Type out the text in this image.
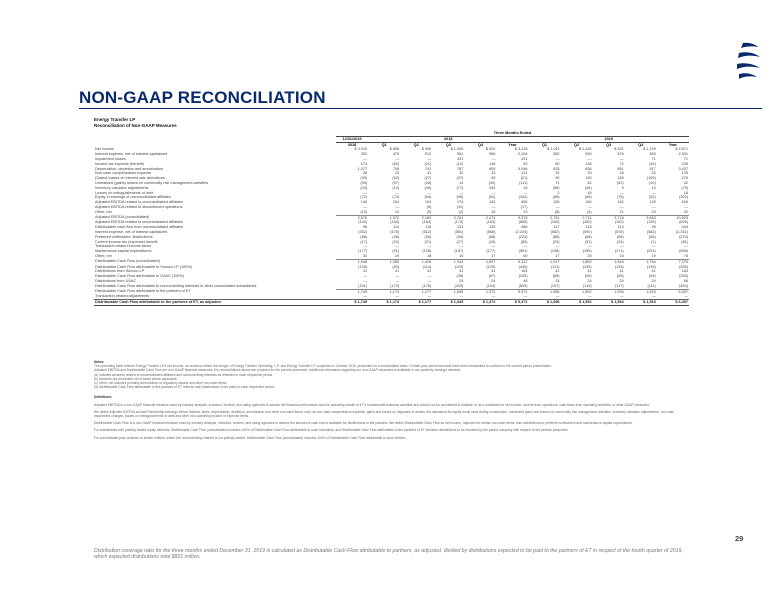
NON-GAAP RECONCILIATION
Energy Transfer LP
Reconciliation of Non-GAAP Measures
	Three Months Ended										
	12/31/2019	2018					2019				
	2018	Q1	Q2	Q3	Q4	Year	Q1	Q2	Q3	Q4	Year
Net income	$ 4,015	$ 856	$ 936	$ 1,006	$ 620	$ 3,418	$ 1,011	$ 1,430	$ 931	$ 1,199	$ 4,571
Interest expense, net of interest capitalized	352	475	512	551	566	2,104	582	590	576	583	2,331
Impairment losses	—	—	—	431	—	431	—	—	—	71	71
Income tax expense (benefit)	174	(62)	(21)	(12)	148	53	80	128	72	(45)	235
Depreciation, depletion and amortization	1,077	708	742	787	809	3,046	833	836	851	917	3,437
Non-cash compensation expense	38	25	31	32	33	121	31	33	28	33	125
(Gains) losses on interest rate derivatives	(39)	(52)	(27)	(37)	95	(21)	90	190	165	(169)	276
Unrealized (gains) losses on commodity risk management activities	(94)	(57)	(28)	14	(40)	(111)	71	42	(61)	(10)	42
Inventory valuation adjustments	(20)	(12)	(49)	(77)	154	16	(58)	(44)	9	14	(79)
Losses on extinguishments of debt	—	—	—	—	—	—	2	16	—	—	18
Equity in earnings of unconsolidated affiliates	(72)	(73)	(84)	(95)	(92)	(344)	(68)	(66)	(76)	(92)	(302)
Adjusted EBITDA related to unconsolidated affiliates	140	154	164	174	163	655	165	160	162	139	626
Adjusted EBITDA related to discontinued operations	—	—	(6)	(11)	—	(17)	—	—	—	—	—
Other, net	(15)	10	(3)	(2)	18	23	(8)	(4)	21	23	32
Adjusted EBITDA (consolidated)	2,576	1,972	2,169	2,761	2,474	9,376	2,731	2,711	2,718	2,663	10,823
Adjusted EBITDA related to unconsolidated affiliates	(140)	(154)	(164)	(174)	(163)	(655)	(165)	(160)	(162)	(139)	(626)
Distributable cash flow from unconsolidated affiliates	96	114	116	131	125	486	117	118	113	95	443
Interest expense, net of interest capitalized	(352)	(475)	(512)	(551)	(566)	(2,104)	(582)	(590)	(576)	(583)	(2,331)
Preferred unitholders' distributions	(68)	(48)	(54)	(54)	(68)	(224)	(68)	(68)	(68)	(66)	(270)
Current income tax (expense) benefit	(17)	(22)	(21)	(27)	(15)	(85)	(25)	(31)	(24)	(1)	(81)
Transaction-related income taxes	—	—	—	—	—	—	—	—	—	—	—
Maintenance capital expenditures	(177)	(91)	(126)	(157)	(177)	(551)	(108)	(155)	(171)	(224)	(658)
Other, net	30	19	18	15	17	69	17	25	15	19	76
Distributable Cash Flow (consolidated)	1,948	1,385	1,426	1,944	1,607	6,312	1,917	1,850	1,845	1,764	7,376
Distributable Cash Flow attributable to Sunoco LP (100%)	(139)	(83)	(114)	(119)	(129)	(445)	(113)	(149)	(134)	(139)	(535)
Distributions from Sunoco LP	41	41	41	41	41	164	41	41	41	41	164
Distributable Cash Flow attributable to USAC (100%)	—	—	—	(38)	(67)	(105)	(66)	(55)	(65)	(64)	(250)
Distributions from USAC	—	—	—	24	24	48	24	24	24	24	96
Distributable Cash Flow attributable to noncontrolling interests in other consolidated subsidiaries	(101)	(170)	(176)	(203)	(104)	(653)	(107)	(119)	(117)	(111)	(454)
Distributable Cash Flow attributable to the partners of ET	1,749	1,173	1,177	1,649	1,372	5,371	1,696	1,592	1,594	1,515	6,397
Transaction-related adjustments	—	—	—	—	—	—	—	—	—	—	—
Distributable Cash Flow attributable to the partners of ET, as adjusted	$ 1,749	$ 1,173	$ 1,177	$ 1,649	$ 1,372	$ 5,371	$ 1,696	$ 1,592	$ 1,594	$ 1,515	$ 6,397
Notes:
The preceding table reflects Energy Transfer LP's net income, as recast to reflect the merger of Energy Transfer Operating, L.P. and Energy Transfer LP completed in October 2018, presented on a consolidated basis. Certain prior period amounts have been reclassified to conform to the current period presentation.
Adjusted EBITDA and Distributable Cash Flow are non-GAAP financial measures; the reconciliations above are provided for the periods presented. Additional information regarding our non-GAAP measures is available in our quarterly earnings releases.
(a) Includes amounts related to unconsolidated affiliates and noncontrolling interests as reflected in each respective period.
(b) Amounts are presented net of taxes where applicable.
(c) Other, net includes primarily amortization of regulatory assets and other non-cash items.
(d) Distributable Cash Flow attributable to the partners of ET reflects cash distributions to be paid for each respective period.
Definitions:
Adjusted EBITDA is a non-GAAP financial measure used by industry analysts, investors, lenders, and rating agencies to assess the financial performance and the operating results of ET's fundamental business activities and should not be considered in isolation or as a substitute for net income, income from operations, cash flows from operating activities, or other GAAP measures.
We define Adjusted EBITDA as total Partnership earnings before interest, taxes, depreciation, depletion, amortization and other non-cash items, such as non-cash compensation expense, gains and losses on disposals of assets, the allowance for equity funds used during construction, unrealized gains and losses on commodity risk management activities, inventory valuation adjustments, non-cash impairment charges, losses on extinguishments of debt and other non-operating income or expense items.
Distributable Cash Flow is a non-GAAP financial measure used by industry analysts, investors, lenders, and rating agencies to assess the amount of cash that is available for distributions to the partners. We define Distributable Cash Flow as net income, adjusted for certain non-cash items, less distributions to preferred unitholders and maintenance capital expenditures.
For subsidiaries with publicly traded equity interests, Distributable Cash Flow (consolidated) includes 100% of Distributable Cash Flow attributable to such subsidiary, and Distributable Cash Flow attributable to the partners of ET includes distributions to be received by the parent company with respect to the periods presented.
For consolidated joint ventures or similar entities, where the noncontrolling interest is not publicly traded, Distributable Cash Flow (consolidated) includes 100% of Distributable Cash Flow attributable to such entities.
Distribution coverage ratio for the three months ended December 31, 2019 is calculated as Distributable Cash Flow attributable to partners, as adjusted, divided by distributions expected to be paid to the partners of ET in respect of the fourth quarter of 2019, which expected distributions total $821 million.
29
